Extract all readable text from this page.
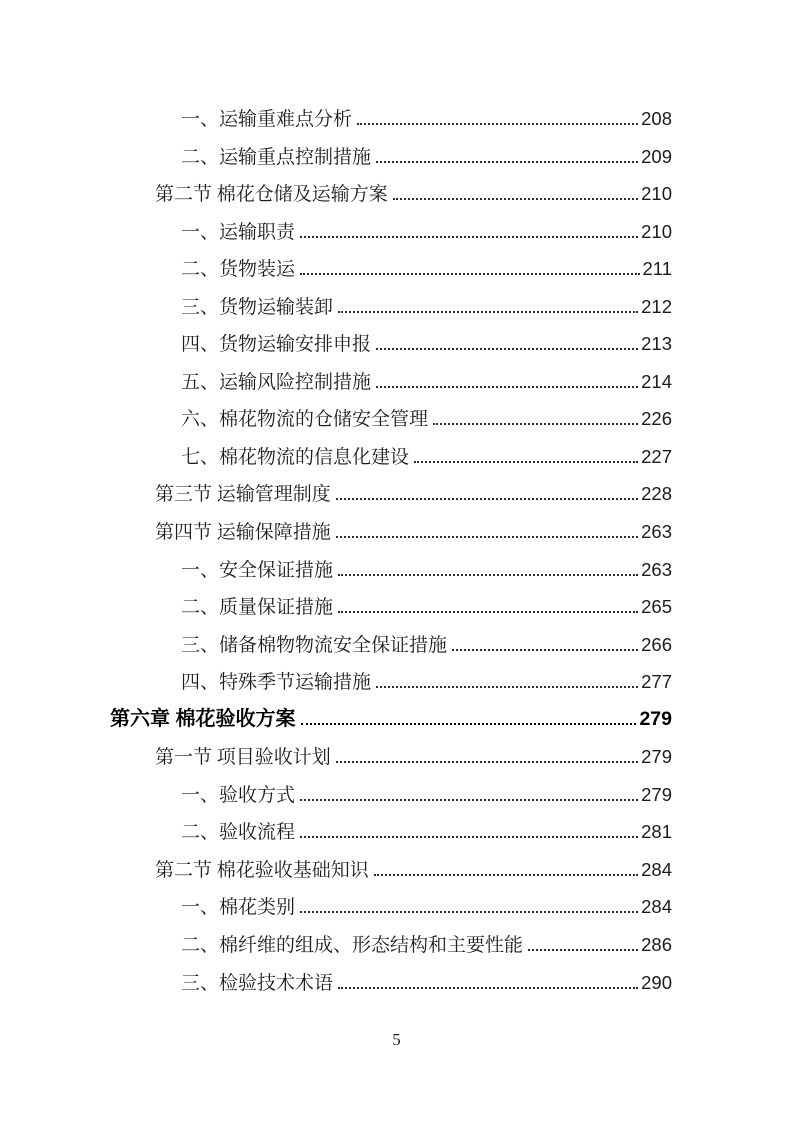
一、运输重难点分析	208
二、运输重点控制措施	209
第二节 棉花仓储及运输方案	210
一、运输职责	210
二、货物装运	211
三、货物运输装卸	212
四、货物运输安排申报	213
五、运输风险控制措施	214
六、棉花物流的仓储安全管理	226
七、棉花物流的信息化建设	227
第三节 运输管理制度	228
第四节 运输保障措施	263
一、安全保证措施	263
二、质量保证措施	265
三、储备棉物物流安全保证措施	266
四、特殊季节运输措施	277
第六章 棉花验收方案	279
第一节 项目验收计划	279
一、验收方式	279
二、验收流程	281
第二节 棉花验收基础知识	284
一、棉花类别	284
二、棉纤维的组成、形态结构和主要性能	286
三、检验技术术语	290
5
